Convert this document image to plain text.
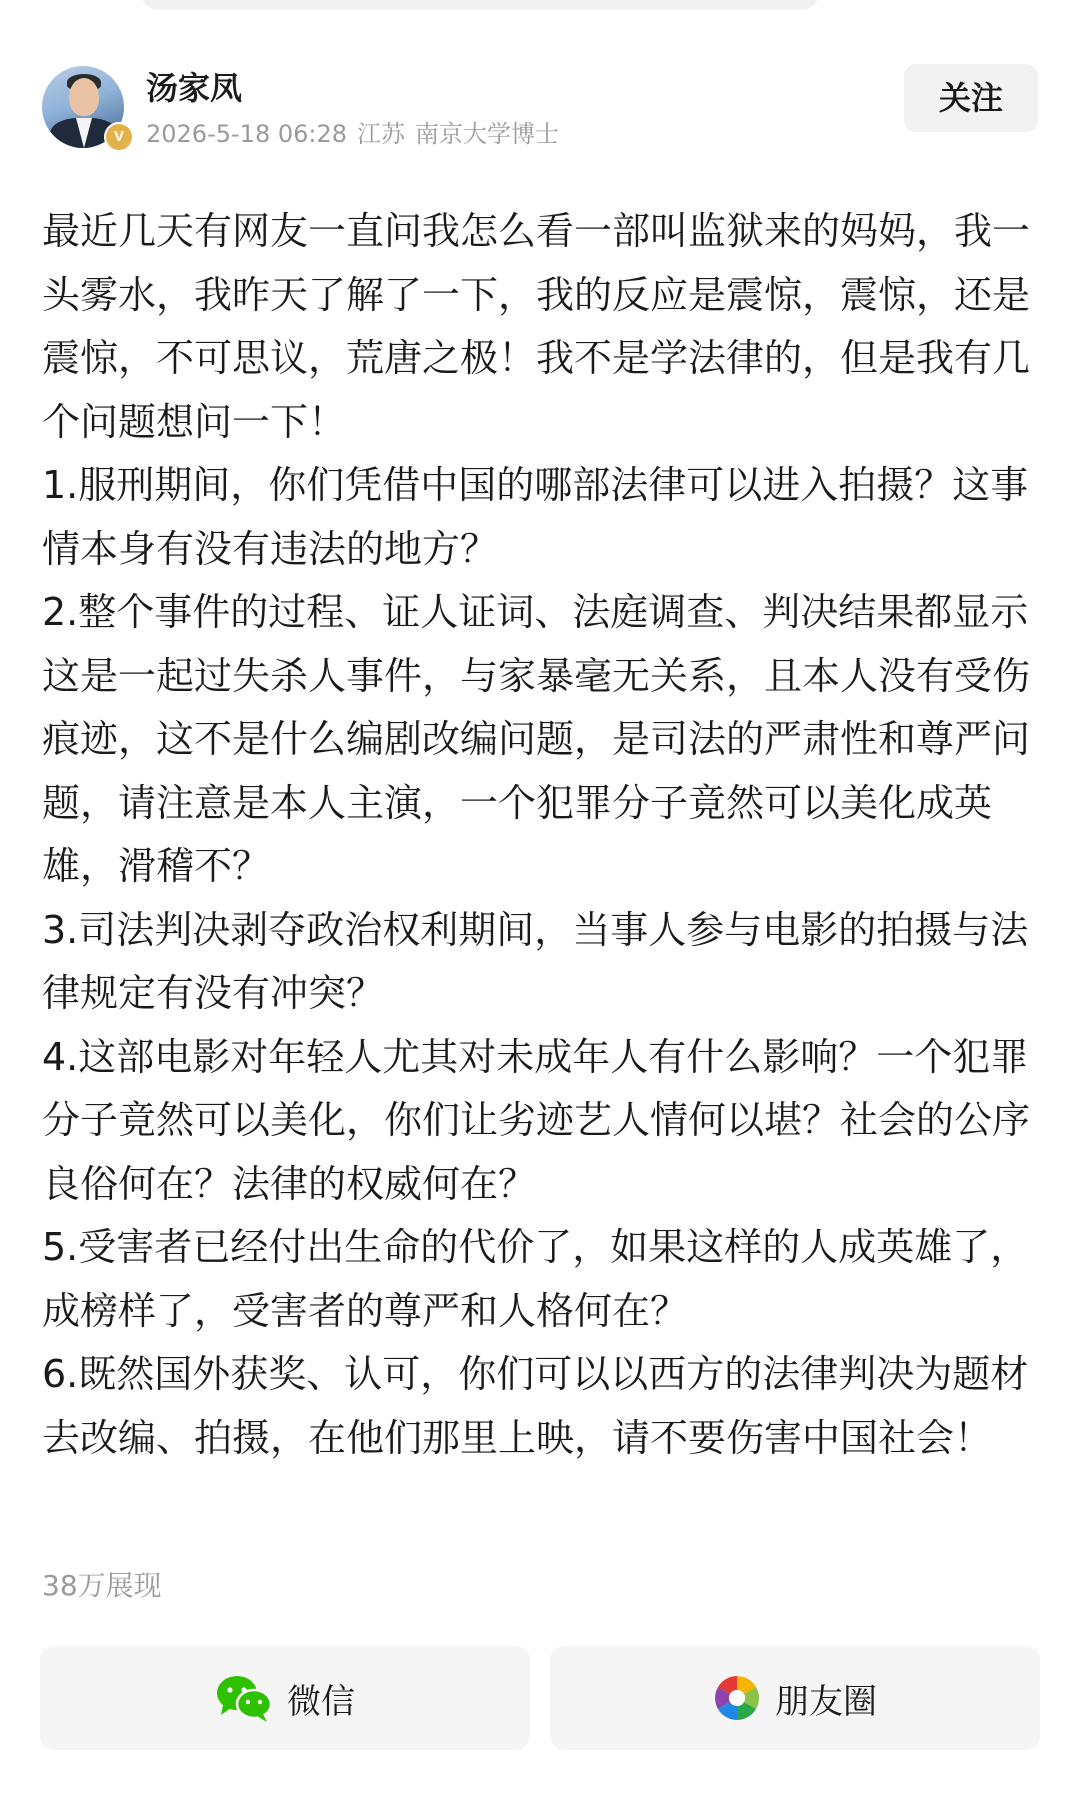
V
汤家凤
2026-5-18 06:28 江苏 南京大学博士
关注

最近几天有网友一直问我怎么看一部叫监狱来的妈妈，我一头雾水，我昨天了解了一下，我的反应是震惊，震惊，还是震惊，不可思议，荒唐之极！我不是学法律的，但是我有几个问题想问一下！

1.服刑期间，你们凭借中国的哪部法律可以进入拍摄？这事情本身有没有违法的地方？

2.整个事件的过程、证人证词、法庭调查、判决结果都显示这是一起过失杀人事件，与家暴毫无关系，且本人没有受伤痕迹，这不是什么编剧改编问题，是司法的严肃性和尊严问题，请注意是本人主演，一个犯罪分子竟然可以美化成英雄，滑稽不？

3.司法判决剥夺政治权利期间，当事人参与电影的拍摄与法律规定有没有冲突？

4.这部电影对年轻人尤其对未成年人有什么影响？一个犯罪分子竟然可以美化，你们让劣迹艺人情何以堪？社会的公序良俗何在？法律的权威何在？

5.受害者已经付出生命的代价了，如果这样的人成英雄了，成榜样了，受害者的尊严和人格何在？

6.既然国外获奖、认可，你们可以以西方的法律判决为题材去改编、拍摄，在他们那里上映，请不要伤害中国社会！

38万展现
微信	朋友圈
